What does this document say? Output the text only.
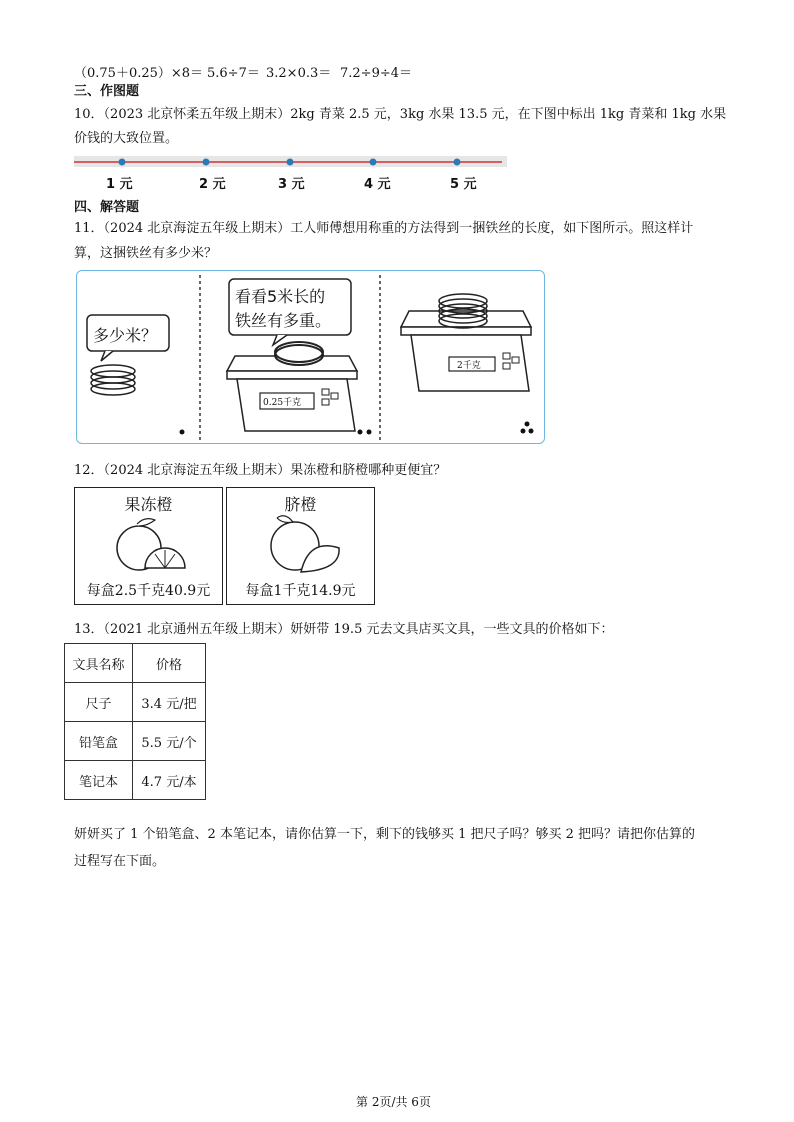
（0.75＋0.25）×8＝ 5.6÷7＝ 3.2×0.3＝ 7.2÷9÷4＝
三、作图题
10．（2023 北京怀柔五年级上期末）2kg 青菜 2.5 元，3kg 水果 13.5 元，在下图中标出 1kg 青菜和 1kg 水果
价钱的大致位置。
1 元	2 元	3 元	4 元	5 元
四、解答题
11．（2024 北京海淀五年级上期末）工人师傅想用称重的方法得到一捆铁丝的长度，如下图所示。照这样计
算，这捆铁丝有多少米？
多少米？
看看5米长的
铁丝有多重。
0.25千克
2千克
12．（2024 北京海淀五年级上期末）果冻橙和脐橙哪种更便宜？
果冻橙
每盒2.5千克40.9元
脐橙
每盒1千克14.9元
13．（2021 北京通州五年级上期末）妍妍带 19.5 元去文具店买文具，一些文具的价格如下：
文具名称	价格
尺子	3.4 元/把
铅笔盒	5.5 元/个
笔记本	4.7 元/本
妍妍买了 1 个铅笔盒、2 本笔记本，请你估算一下，剩下的钱够买 1 把尺子吗？够买 2 把吗？请把你估算的
过程写在下面。
第 2页/共 6页
